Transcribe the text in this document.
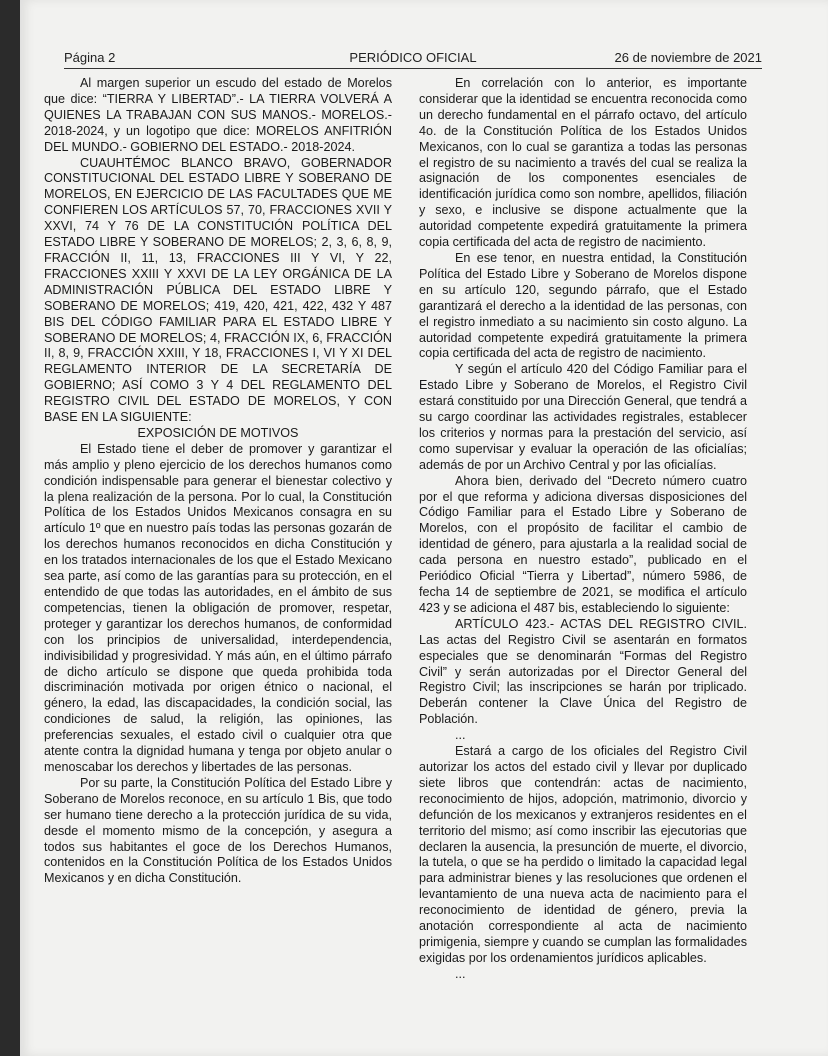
Página 2	PERIÓDICO OFICIAL	26 de noviembre de 2021

Al margen superior un escudo del estado de Morelos que dice: “TIERRA Y LIBERTAD”.- LA TIERRA VOLVERÁ A QUIENES LA TRABAJAN CON SUS MANOS.- MORELOS.- 2018-2024, y un logotipo que dice: MORELOS ANFITRIÓN DEL MUNDO.- GOBIERNO DEL ESTADO.- 2018-2024.

CUAUHTÉMOC BLANCO BRAVO, GOBERNADOR CONSTITUCIONAL DEL ESTADO LIBRE Y SOBERANO DE MORELOS, EN EJERCICIO DE LAS FACULTADES QUE ME CONFIEREN LOS ARTÍCULOS 57, 70, FRACCIONES XVII Y XXVI, 74 Y 76 DE LA CONSTITUCIÓN POLÍTICA DEL ESTADO LIBRE Y SOBERANO DE MORELOS; 2, 3, 6, 8, 9, FRACCIÓN II, 11, 13, FRACCIONES III Y VI, Y 22, FRACCIONES XXIII Y XXVI DE LA LEY ORGÁNICA DE LA ADMINISTRACIÓN PÚBLICA DEL ESTADO LIBRE Y SOBERANO DE MORELOS; 419, 420, 421, 422, 432 Y 487 BIS DEL CÓDIGO FAMILIAR PARA EL ESTADO LIBRE Y SOBERANO DE MORELOS; 4, FRACCIÓN IX, 6, FRACCIÓN II, 8, 9, FRACCIÓN XXIII, Y 18, FRACCIONES I, VI Y XI DEL REGLAMENTO INTERIOR DE LA SECRETARÍA DE GOBIERNO; ASÍ COMO 3 Y 4 DEL REGLAMENTO DEL REGISTRO CIVIL DEL ESTADO DE MORELOS, Y CON BASE EN LA SIGUIENTE:

EXPOSICIÓN DE MOTIVOS

El Estado tiene el deber de promover y garantizar el más amplio y pleno ejercicio de los derechos humanos como condición indispensable para generar el bienestar colectivo y la plena realización de la persona. Por lo cual, la Constitución Política de los Estados Unidos Mexicanos consagra en su artículo 1º que en nuestro país todas las personas gozarán de los derechos humanos reconocidos en dicha Constitución y en los tratados internacionales de los que el Estado Mexicano sea parte, así como de las garantías para su protección, en el entendido de que todas las autoridades, en el ámbito de sus competencias, tienen la obligación de promover, respetar, proteger y garantizar los derechos humanos, de conformidad con los principios de universalidad, interdependencia, indivisibilidad y progresividad. Y más aún, en el último párrafo de dicho artículo se dispone que queda prohibida toda discriminación motivada por origen étnico o nacional, el género, la edad, las discapacidades, la condición social, las condiciones de salud, la religión, las opiniones, las preferencias sexuales, el estado civil o cualquier otra que atente contra la dignidad humana y tenga por objeto anular o menoscabar los derechos y libertades de las personas.

Por su parte, la Constitución Política del Estado Libre y Soberano de Morelos reconoce, en su artículo 1 Bis, que todo ser humano tiene derecho a la protección jurídica de su vida, desde el momento mismo de la concepción, y asegura a todos sus habitantes el goce de los Derechos Humanos, contenidos en la Constitución Política de los Estados Unidos Mexicanos y en dicha Constitución.

En correlación con lo anterior, es importante considerar que la identidad se encuentra reconocida como un derecho fundamental en el párrafo octavo, del artículo 4o. de la Constitución Política de los Estados Unidos Mexicanos, con lo cual se garantiza a todas las personas el registro de su nacimiento a través del cual se realiza la asignación de los componentes esenciales de identificación jurídica como son nombre, apellidos, filiación y sexo, e inclusive se dispone actualmente que la autoridad competente expedirá gratuitamente la primera copia certificada del acta de registro de nacimiento.

En ese tenor, en nuestra entidad, la Constitución Política del Estado Libre y Soberano de Morelos dispone en su artículo 120, segundo párrafo, que el Estado garantizará el derecho a la identidad de las personas, con el registro inmediato a su nacimiento sin costo alguno. La autoridad competente expedirá gratuitamente la primera copia certificada del acta de registro de nacimiento.

Y según el artículo 420 del Código Familiar para el Estado Libre y Soberano de Morelos, el Registro Civil estará constituido por una Dirección General, que tendrá a su cargo coordinar las actividades registrales, establecer los criterios y normas para la prestación del servicio, así como supervisar y evaluar la operación de las oficialías; además de por un Archivo Central y por las oficialías.

Ahora bien, derivado del “Decreto número cuatro por el que reforma y adiciona diversas disposiciones del Código Familiar para el Estado Libre y Soberano de Morelos, con el propósito de facilitar el cambio de identidad de género, para ajustarla a la realidad social de cada persona en nuestro estado”, publicado en el Periódico Oficial “Tierra y Libertad”, número 5986, de fecha 14 de septiembre de 2021, se modifica el artículo 423 y se adiciona el 487 bis, estableciendo lo siguiente:

ARTÍCULO 423.- ACTAS DEL REGISTRO CIVIL. Las actas del Registro Civil se asentarán en formatos especiales que se denominarán “Formas del Registro Civil” y serán autorizadas por el Director General del Registro Civil; las inscripciones se harán por triplicado. Deberán contener la Clave Única del Registro de Población.

...

Estará a cargo de los oficiales del Registro Civil autorizar los actos del estado civil y llevar por duplicado siete libros que contendrán: actas de nacimiento, reconocimiento de hijos, adopción, matrimonio, divorcio y defunción de los mexicanos y extranjeros residentes en el territorio del mismo; así como inscribir las ejecutorias que declaren la ausencia, la presunción de muerte, el divorcio, la tutela, o que se ha perdido o limitado la capacidad legal para administrar bienes y las resoluciones que ordenen el levantamiento de una nueva acta de nacimiento para el reconocimiento de identidad de género, previa la anotación correspondiente al acta de nacimiento primigenia, siempre y cuando se cumplan las formalidades exigidas por los ordenamientos jurídicos aplicables.

...
